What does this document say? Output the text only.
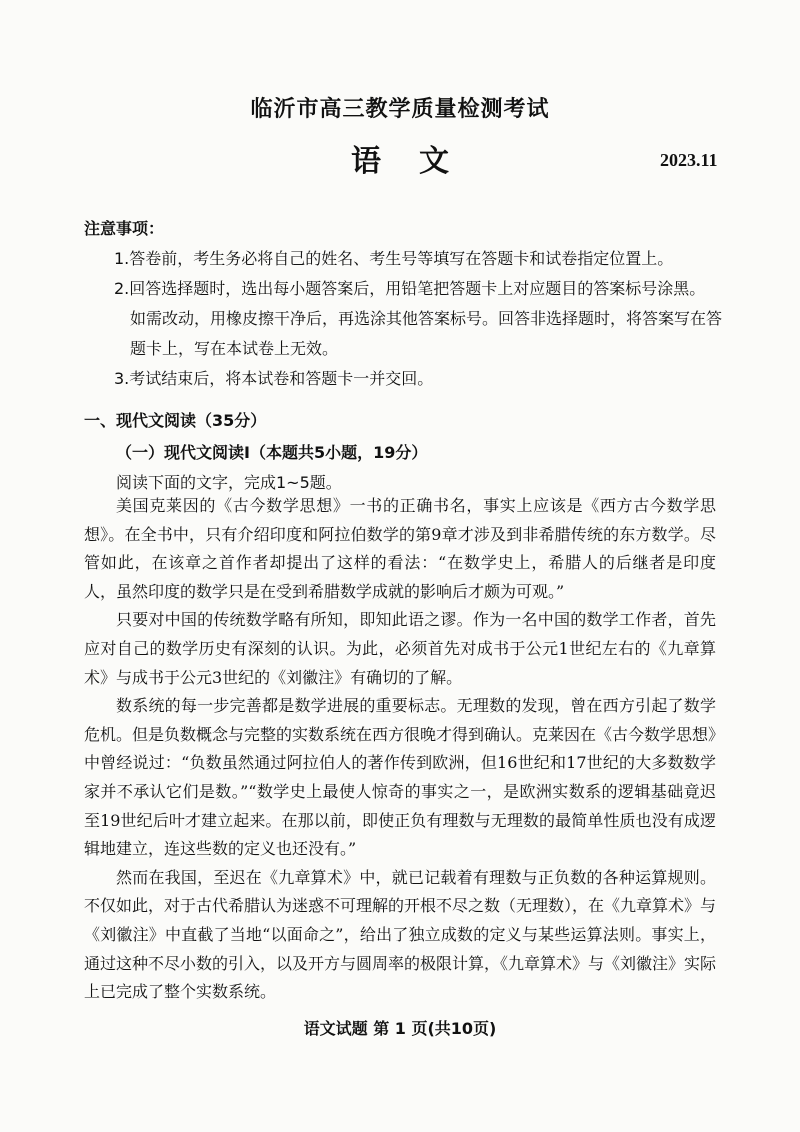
临沂市高三教学质量检测考试
语文	2023.11
注意事项：
1.答卷前，考生务必将自己的姓名、考生号等填写在答题卡和试卷指定位置上。
2.回答选择题时，选出每小题答案后，用铅笔把答题卡上对应题目的答案标号涂黑。
如需改动，用橡皮擦干净后，再选涂其他答案标号。回答非选择题时，将答案写在答题卡上，写在本试卷上无效。
3.考试结束后，将本试卷和答题卡一并交回。
一、现代文阅读（35分）
（一）现代文阅读Ⅰ（本题共5小题，19分）
阅读下面的文字，完成1~5题。

美国克莱因的《古今数学思想》一书的正确书名，事实上应该是《西方古今数学思想》。在全书中，只有介绍印度和阿拉伯数学的第9章才涉及到非希腊传统的东方数学。尽管如此，在该章之首作者却提出了这样的看法：“在数学史上，希腊人的后继者是印度人，虽然印度的数学只是在受到希腊数学成就的影响后才颇为可观。”

只要对中国的传统数学略有所知，即知此语之谬。作为一名中国的数学工作者，首先应对自己的数学历史有深刻的认识。为此，必须首先对成书于公元1世纪左右的《九章算术》与成书于公元3世纪的《刘徽注》有确切的了解。

数系统的每一步完善都是数学进展的重要标志。无理数的发现，曾在西方引起了数学危机。但是负数概念与完整的实数系统在西方很晚才得到确认。克莱因在《古今数学思想》中曾经说过：“负数虽然通过阿拉伯人的著作传到欧洲，但16世纪和17世纪的大多数数学家并不承认它们是数。”“数学史上最使人惊奇的事实之一，是欧洲实数系的逻辑基础竟迟至19世纪后叶才建立起来。在那以前，即使正负有理数与无理数的最简单性质也没有成逻辑地建立，连这些数的定义也还没有。”

然而在我国，至迟在《九章算术》中，就已记载着有理数与正负数的各种运算规则。不仅如此，对于古代希腊认为迷惑不可理解的开根不尽之数（无理数），在《九章算术》与《刘徽注》中直截了当地“以面命之”，给出了独立成数的定义与某些运算法则。事实上，通过这种不尽小数的引入，以及开方与圆周率的极限计算，《九章算术》与《刘徽注》实际上已完成了整个实数系统。

语文试题 第 1 页(共10页)
